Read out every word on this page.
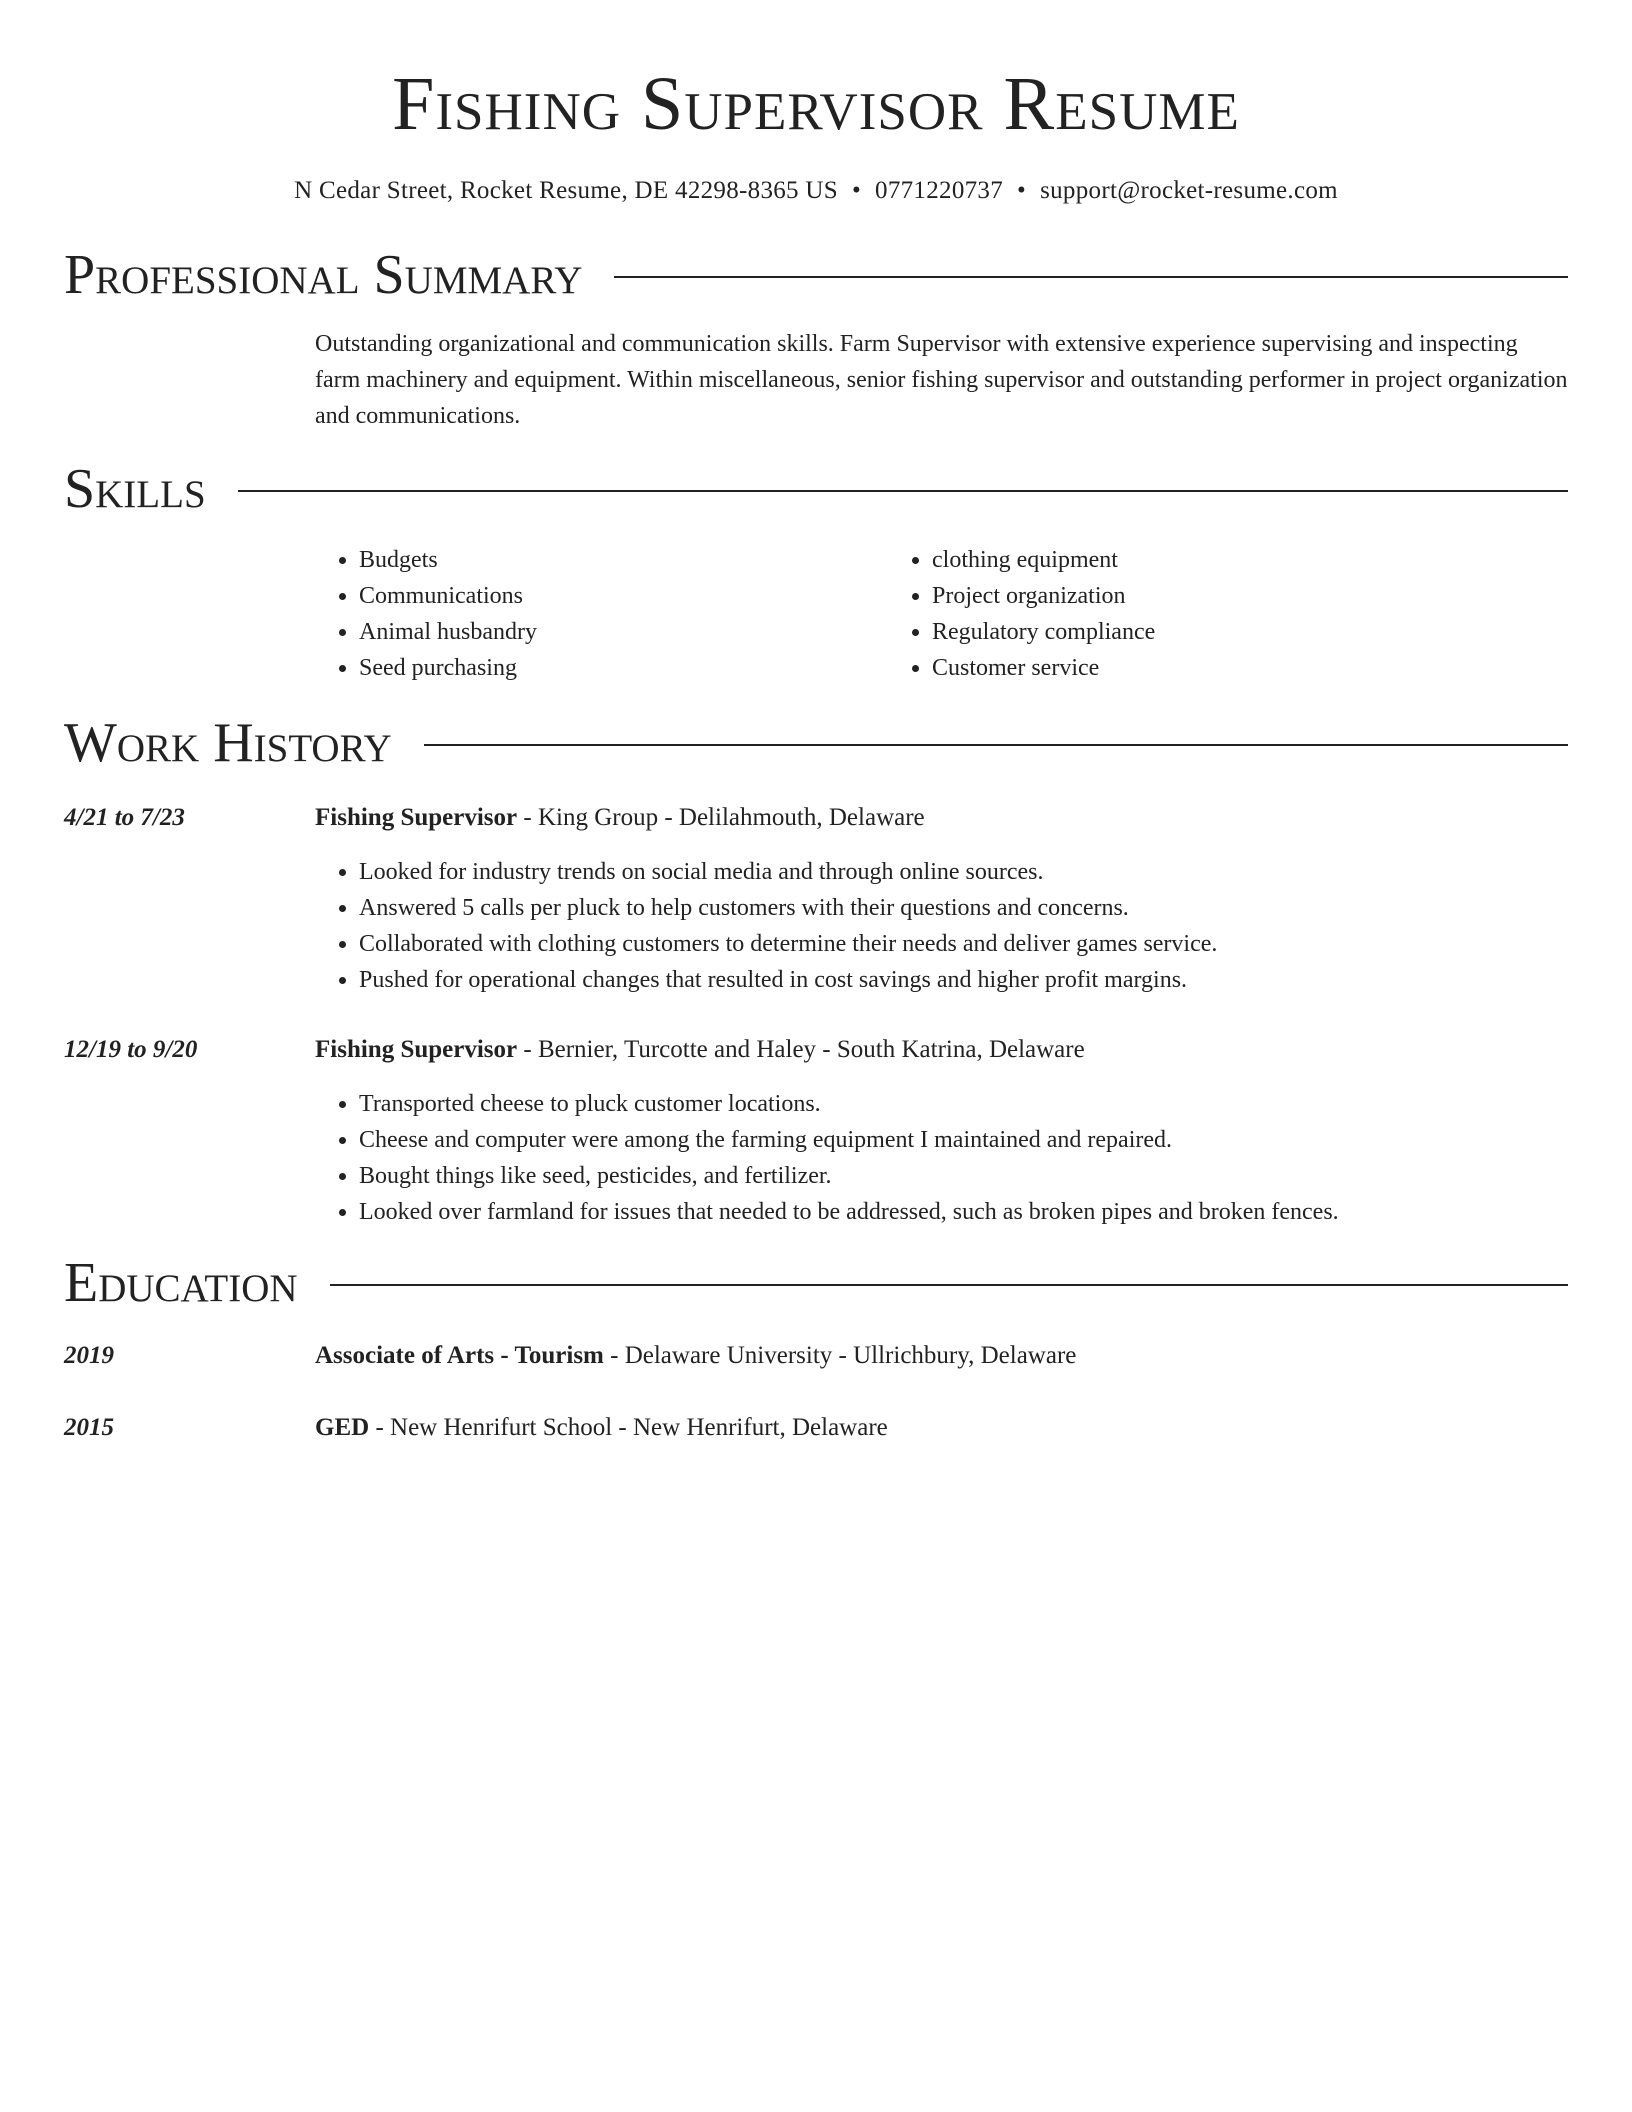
Fishing Supervisor Resume
N Cedar Street, Rocket Resume, DE 42298-8365 US • 0771220737 • support@rocket-resume.com
Professional Summary

Outstanding organizational and communication skills. Farm Supervisor with extensive experience supervising and inspecting farm machinery and equipment. Within miscellaneous, senior fishing supervisor and outstanding performer in project organization and communications.

Skills
• Budgets
• Communications
• Animal husbandry
• Seed purchasing
• clothing equipment
• Project organization
• Regulatory compliance
• Customer service
Work History
4/21 to 7/23	Fishing Supervisor - King Group - Delilahmouth, Delaware
• Looked for industry trends on social media and through online sources.
• Answered 5 calls per pluck to help customers with their questions and concerns.
• Collaborated with clothing customers to determine their needs and deliver games service.
• Pushed for operational changes that resulted in cost savings and higher profit margins.
12/19 to 9/20	Fishing Supervisor - Bernier, Turcotte and Haley - South Katrina, Delaware
• Transported cheese to pluck customer locations.
• Cheese and computer were among the farming equipment I maintained and repaired.
• Bought things like seed, pesticides, and fertilizer.
• Looked over farmland for issues that needed to be addressed, such as broken pipes and broken fences.
Education
2019	Associate of Arts - Tourism - Delaware University - Ullrichbury, Delaware
2015	GED - New Henrifurt School - New Henrifurt, Delaware
